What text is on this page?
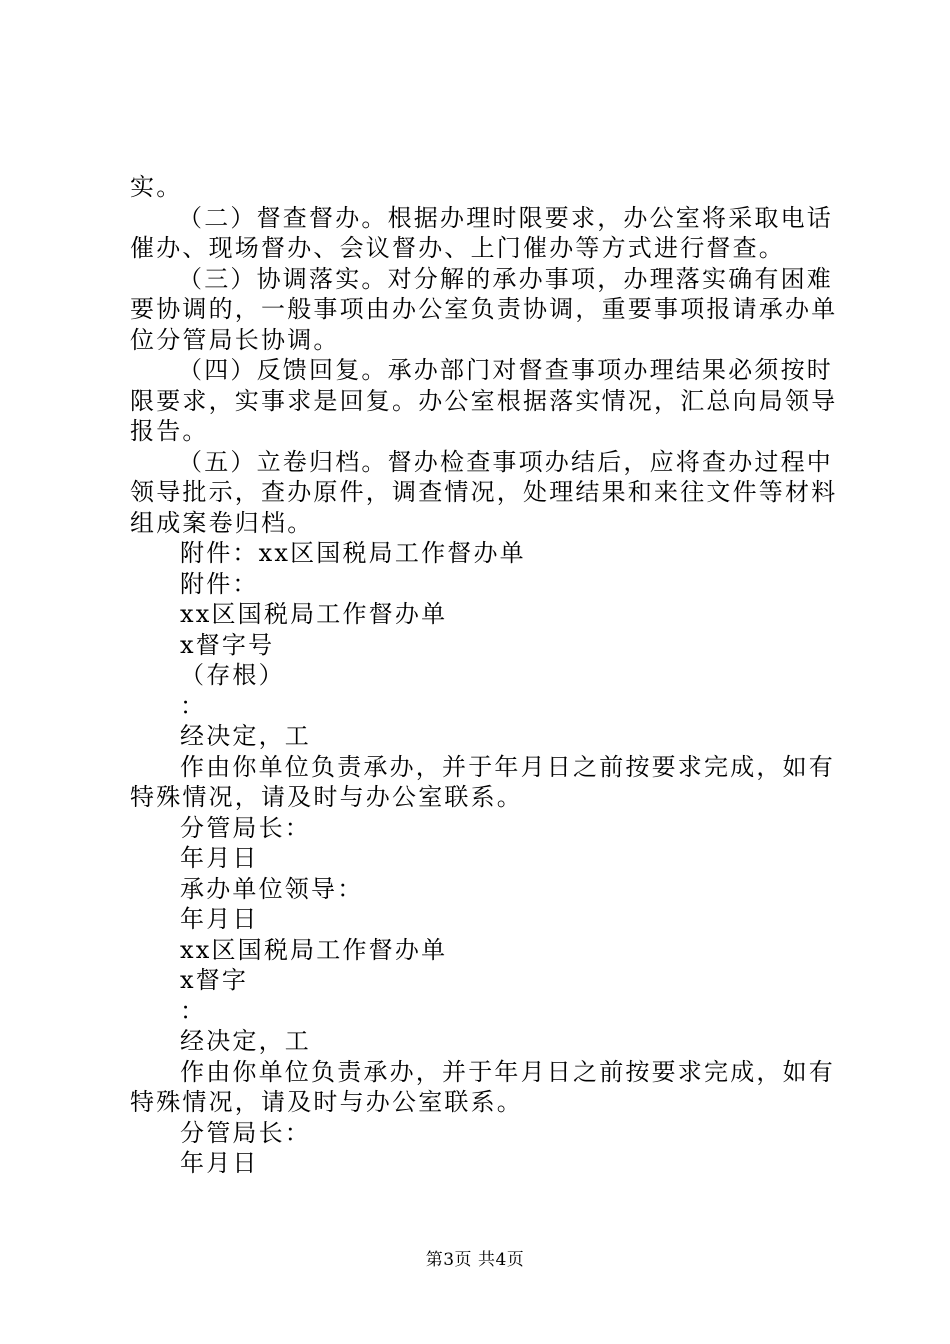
实。
（二）督查督办。根据办理时限要求，办公室将采取电话
催办、现场督办、会议督办、上门催办等方式进行督查。
（三）协调落实。对分解的承办事项，办理落实确有困难
要协调的，一般事项由办公室负责协调，重要事项报请承办单
位分管局长协调。
（四）反馈回复。承办部门对督查事项办理结果必须按时
限要求，实事求是回复。办公室根据落实情况，汇总向局领导
报告。
（五）立卷归档。督办检查事项办结后，应将查办过程中
领导批示，查办原件，调查情况，处理结果和来往文件等材料
组成案卷归档。
附件：xx区国税局工作督办单
附件：
xx区国税局工作督办单
x督字号
（存根）
：
经决定，工
作由你单位负责承办，并于年月日之前按要求完成，如有
特殊情况，请及时与办公室联系。
分管局长：
年月日
承办单位领导：
年月日
xx区国税局工作督办单
x督字
：
经决定，工
作由你单位负责承办，并于年月日之前按要求完成，如有
特殊情况，请及时与办公室联系。
分管局长：
年月日
第3页 共4页
